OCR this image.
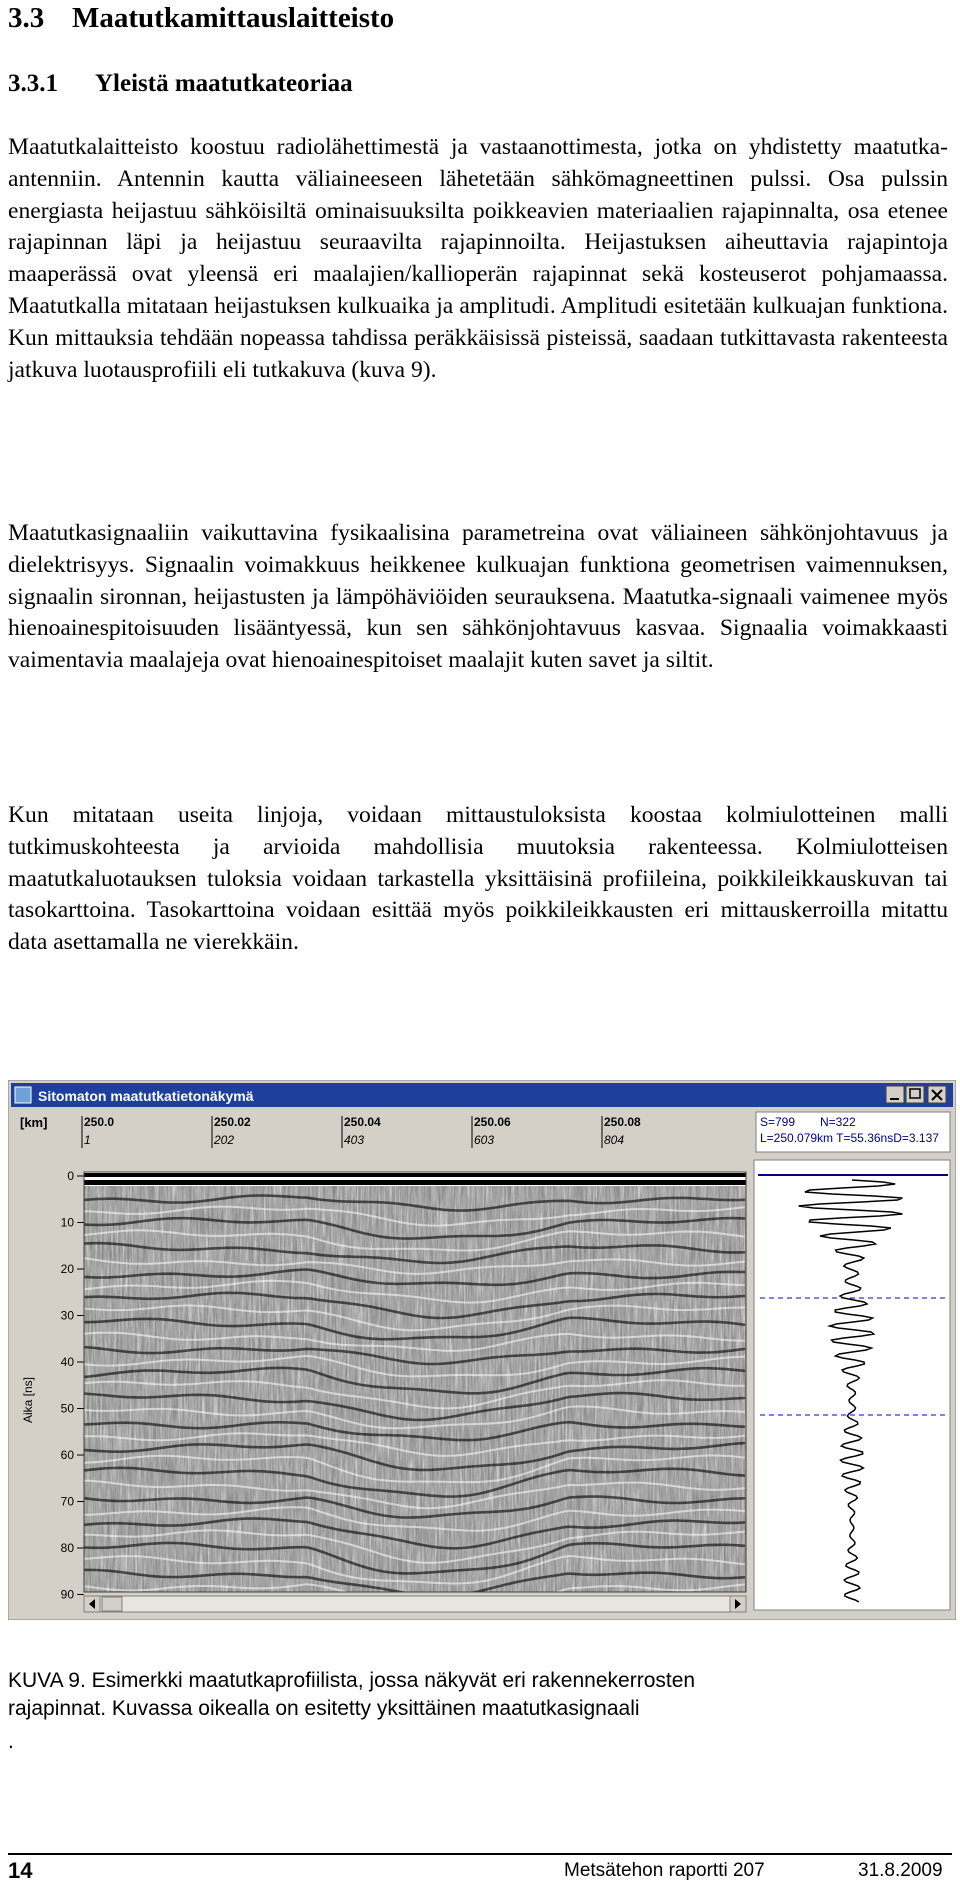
3.3 Maatutkamittauslaitteisto
3.3.1 Yleistä maatutkateoriaa

Maatutkalaitteisto koostuu radiolähettimestä ja vastaanottimesta, jotka on yhdistetty maatutka-antenniin. Antennin kautta väliaineeseen lähetetään sähkömagneettinen pulssi. Osa pulssin energiasta heijastuu sähköisiltä ominaisuuksilta poikkeavien materiaalien rajapinnalta, osa etenee rajapinnan läpi ja heijastuu seuraavilta rajapinnoilta. Heijastuksen aiheuttavia rajapintoja maaperässä ovat yleensä eri maalajien/kallioperän rajapinnat sekä kosteuserot pohjamaassa. Maatutkalla mitataan heijastuksen kulkuaika ja amplitudi. Amplitudi esitetään kulkuajan funktiona. Kun mittauksia tehdään nopeassa tahdissa peräkkäisissä pisteissä, saadaan tutkittavasta rakenteesta jatkuva luotausprofiili eli tutkakuva (kuva 9).

Maatutkasignaaliin vaikuttavina fysikaalisina parametreina ovat väliaineen sähkönjohtavuus ja dielektrisyys. Signaalin voimakkuus heikkenee kulkuajan funktiona geometrisen vaimennuksen, signaalin sironnan, heijastusten ja lämpöhäviöiden seurauksena. Maatutka-signaali vaimenee myös hienoainespitoisuuden lisääntyessä, kun sen sähkönjohtavuus kasvaa. Signaalia voimakkaasti vaimentavia maalajeja ovat hienoainespitoiset maalajit kuten savet ja siltit.

Kun mitataan useita linjoja, voidaan mittaustuloksista koostaa kolmiulotteinen malli tutkimuskohteesta ja arvioida mahdollisia muutoksia rakenteessa. Kolmiulotteisen maatutkaluotauksen tuloksia voidaan tarkastella yksittäisinä profiileina, poikkileikkauskuvan tai tasokarttoina. Tasokarttoina voidaan esittää myös poikkileikkausten eri mittauskerroilla mitattu data asettamalla ne vierekkäin.

Sitomaton maatutkatietonäkymä
[km]	250.0
1
250.02
202
250.04
403
250.06
603
250.08
804
S=799 N=322
L=250.079km T=55.36nsD=3.137
0
10
20
30
40
50
60
70
80
90
Aika [ns]
KUVA 9. Esimerkki maatutkaprofiilista, jossa näkyvät eri rakennekerrosten
rajapinnat. Kuvassa oikealla on esitetty yksittäinen maatutkasignaali
.
14	Metsätehon raportti 207	31.8.2009
